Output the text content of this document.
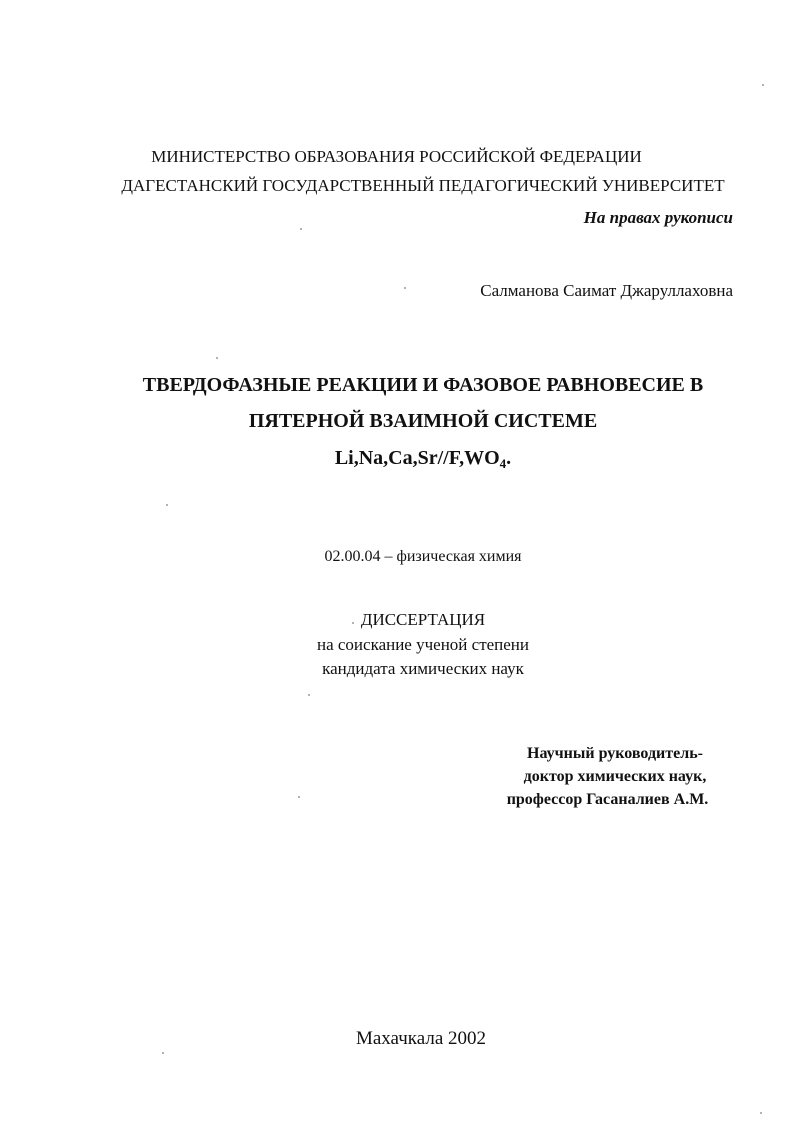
МИНИСТЕРСТВО ОБРАЗОВАНИЯ РОССИЙСКОЙ ФЕДЕРАЦИИ
ДАГЕСТАНСКИЙ ГОСУДАРСТВЕННЫЙ ПЕДАГОГИЧЕСКИЙ УНИВЕРСИТЕТ
На правах рукописи
Салманова Саимат Джаруллаховна
ТВЕРДОФАЗНЫЕ РЕАКЦИИ И ФАЗОВОЕ РАВНОВЕСИЕ В
ПЯТЕРНОЙ ВЗАИМНОЙ СИСТЕМЕ
$Li,Na,Ca,Sr//F,WO_4$.
02.00.04 – физическая химия
ДИССЕРТАЦИЯ
на соискание ученой степени
кандидата химических наук
Научный руководитель-
доктор химических наук,
профессор Гасаналиев А.М.
Махачкала 2002
